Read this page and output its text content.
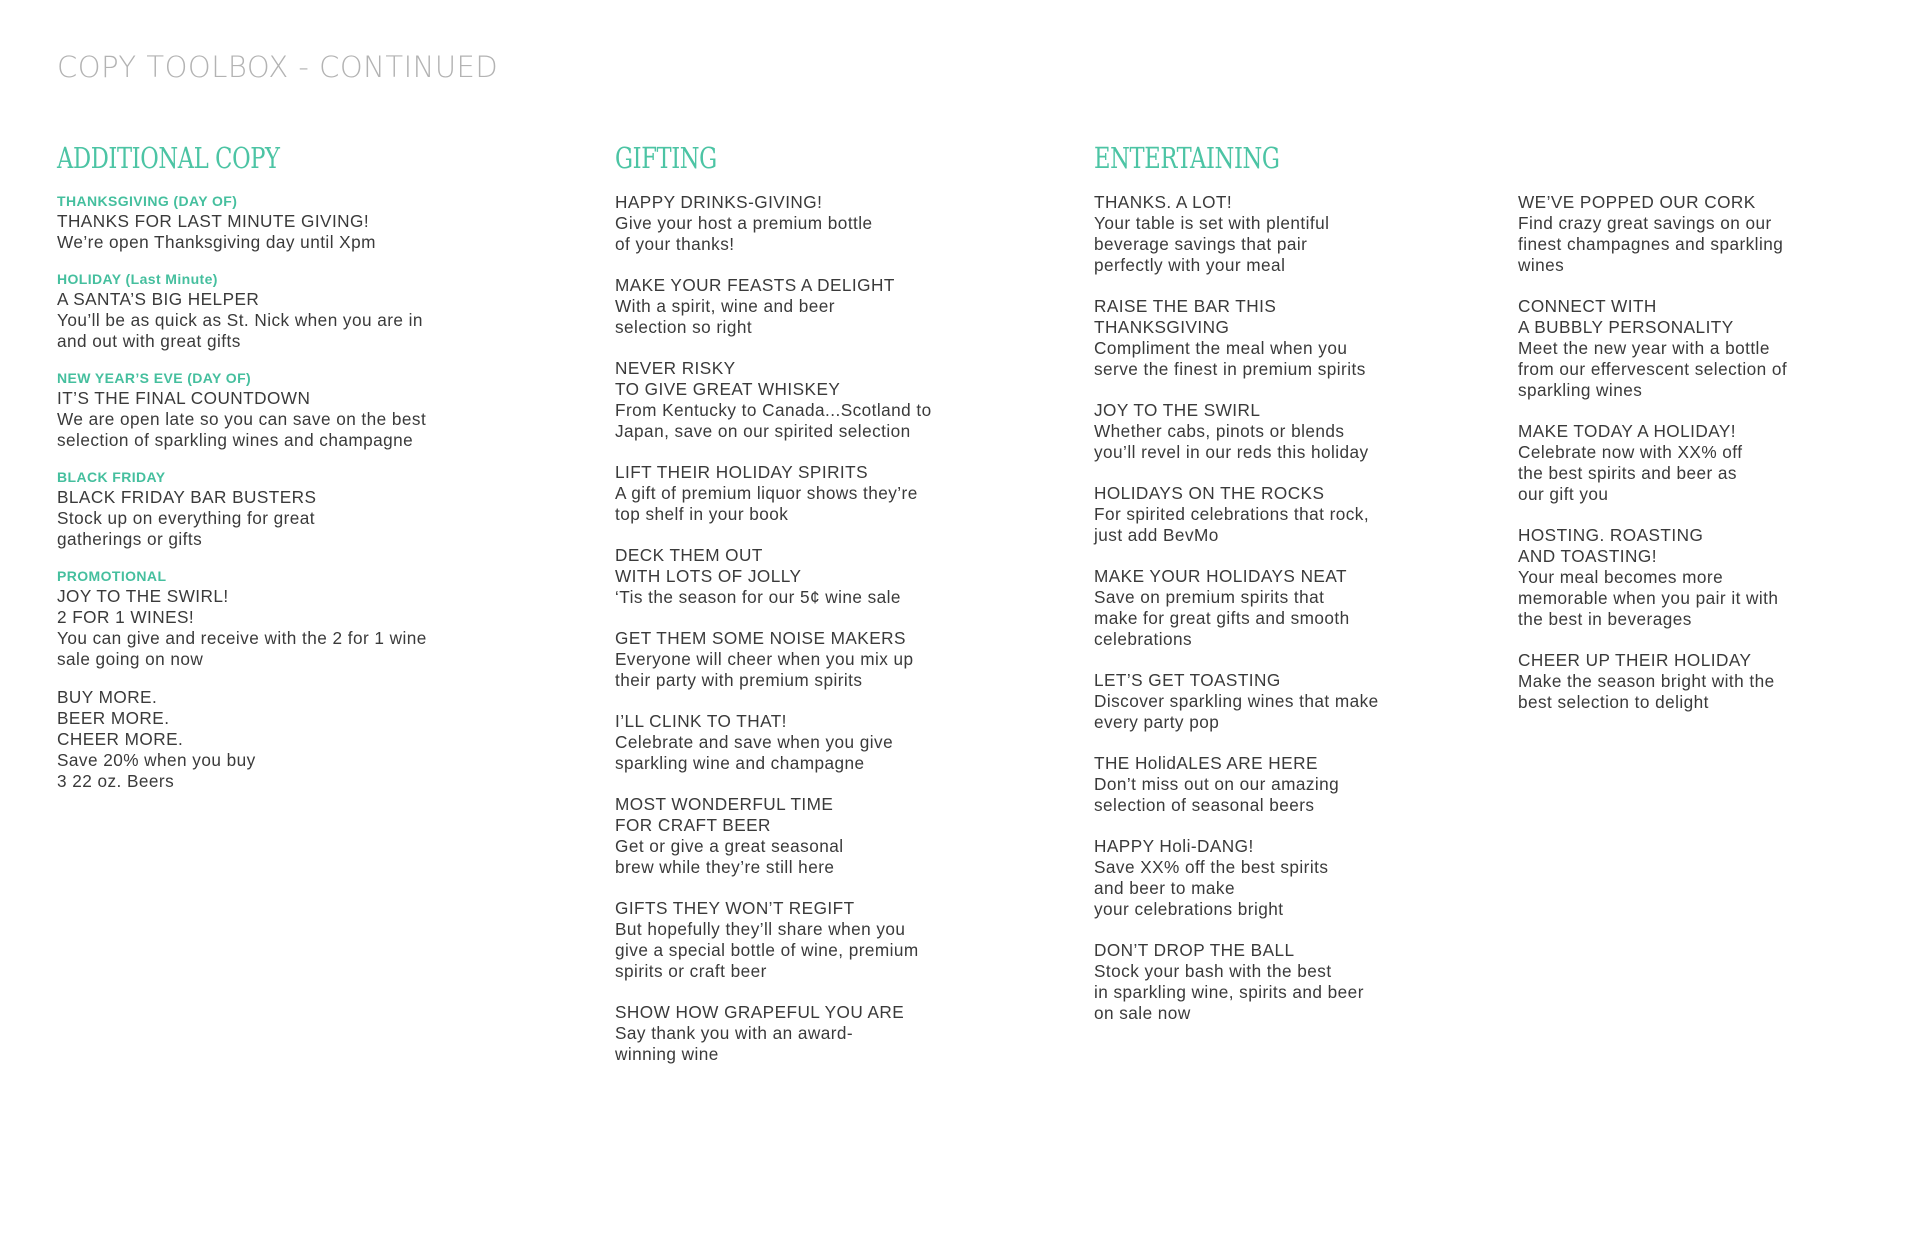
COPY TOOLBOX - CONTINUED
ADDITIONAL COPY
THANKSGIVING (DAY OF)
THANKS FOR LAST MINUTE GIVING!
We’re open Thanksgiving day until Xpm
HOLIDAY (Last Minute)
A SANTA’S BIG HELPER
You’ll be as quick as St. Nick when you are in
and out with great gifts
NEW YEAR’S EVE (DAY OF)
IT’S THE FINAL COUNTDOWN
We are open late so you can save on the best
selection of sparkling wines and champagne
BLACK FRIDAY
BLACK FRIDAY BAR BUSTERS
Stock up on everything for great
gatherings or gifts
PROMOTIONAL
JOY TO THE SWIRL!
2 FOR 1 WINES!
You can give and receive with the 2 for 1 wine
sale going on now
BUY MORE.
BEER MORE.
CHEER MORE.
Save 20% when you buy
3 22 oz. Beers
GIFTING
HAPPY DRINKS-GIVING!
Give your host a premium bottle
of your thanks!
MAKE YOUR FEASTS A DELIGHT
With a spirit, wine and beer
selection so right
NEVER RISKY
TO GIVE GREAT WHISKEY
From Kentucky to Canada...Scotland to
Japan, save on our spirited selection
LIFT THEIR HOLIDAY SPIRITS
A gift of premium liquor shows they’re
top shelf in your book
DECK THEM OUT
WITH LOTS OF JOLLY
‘Tis the season for our 5¢ wine sale
GET THEM SOME NOISE MAKERS
Everyone will cheer when you mix up
their party with premium spirits
I’LL CLINK TO THAT!
Celebrate and save when you give
sparkling wine and champagne
MOST WONDERFUL TIME
FOR CRAFT BEER
Get or give a great seasonal
brew while they’re still here
GIFTS THEY WON’T REGIFT
But hopefully they’ll share when you
give a special bottle of wine, premium
spirits or craft beer
SHOW HOW GRAPEFUL YOU ARE
Say thank you with an award-
winning wine
ENTERTAINING
THANKS. A LOT!
Your table is set with plentiful
beverage savings that pair
perfectly with your meal
RAISE THE BAR THIS
THANKSGIVING
Compliment the meal when you
serve the finest in premium spirits
JOY TO THE SWIRL
Whether cabs, pinots or blends
you’ll revel in our reds this holiday
HOLIDAYS ON THE ROCKS
For spirited celebrations that rock,
just add BevMo
MAKE YOUR HOLIDAYS NEAT
Save on premium spirits that
make for great gifts and smooth
celebrations
LET’S GET TOASTING
Discover sparkling wines that make
every party pop
THE HolidALES ARE HERE
Don’t miss out on our amazing
selection of seasonal beers
HAPPY Holi-DANG!
Save XX% off the best spirits
and beer to make
your celebrations bright
DON’T DROP THE BALL
Stock your bash with the best
in sparkling wine, spirits and beer
on sale now
WE’VE POPPED OUR CORK
Find crazy great savings on our
finest champagnes and sparkling
wines
CONNECT WITH
A BUBBLY PERSONALITY
Meet the new year with a bottle
from our effervescent selection of
sparkling wines
MAKE TODAY A HOLIDAY!
Celebrate now with XX% off
the best spirits and beer as
our gift you
HOSTING. ROASTING
AND TOASTING!
Your meal becomes more
memorable when you pair it with
the best in beverages
CHEER UP THEIR HOLIDAY
Make the season bright with the
best selection to delight
